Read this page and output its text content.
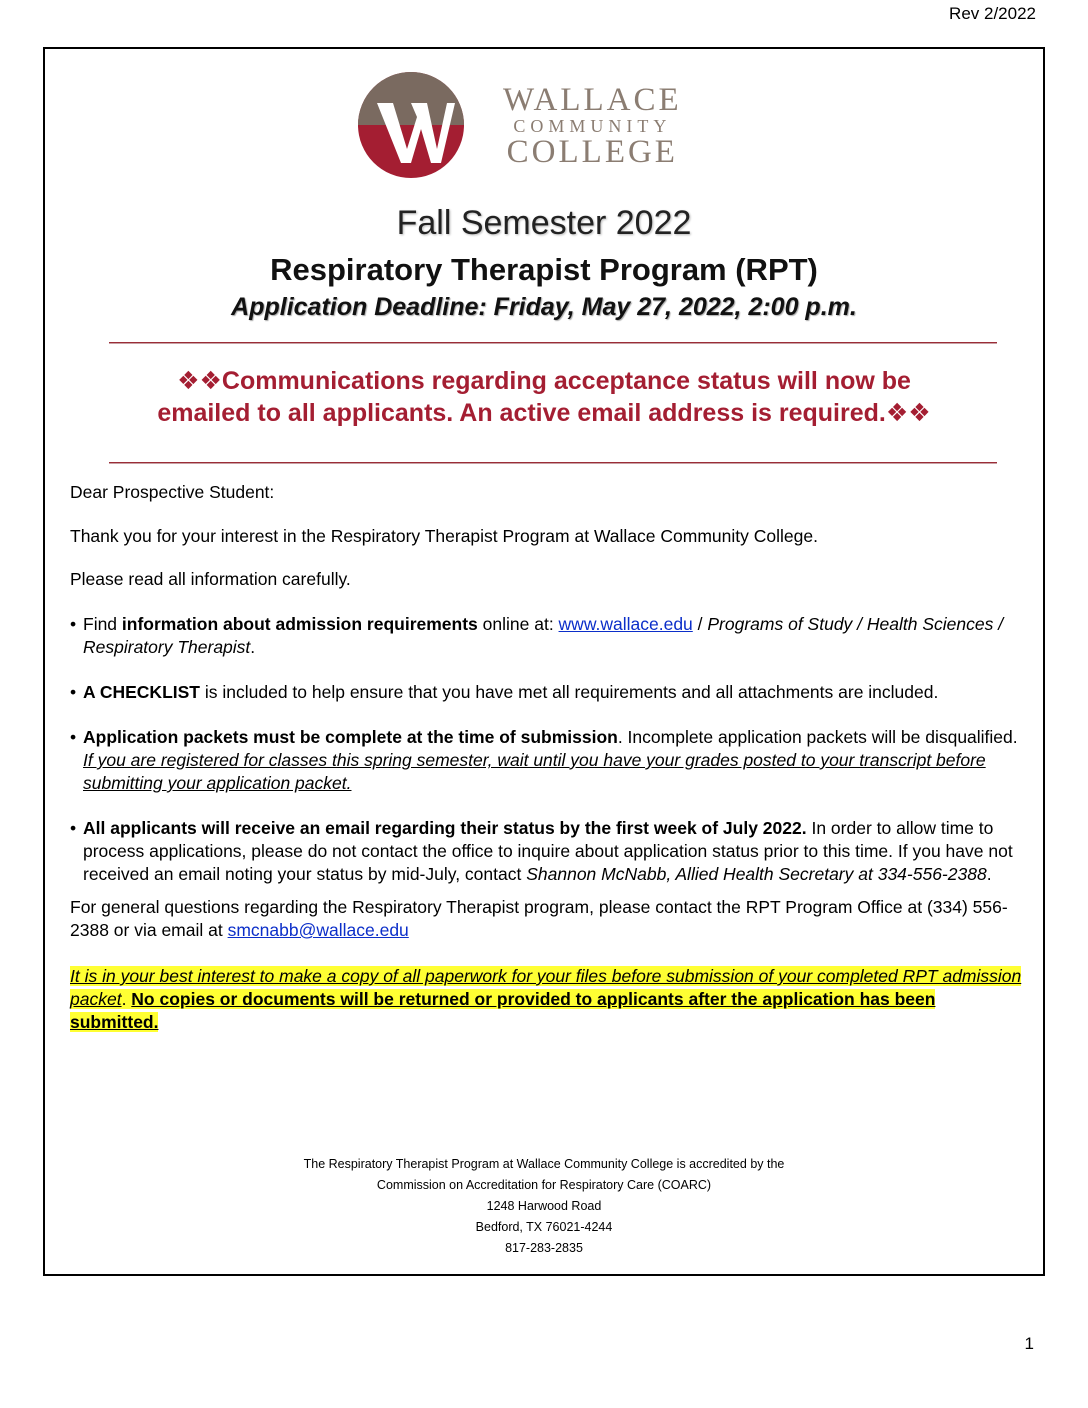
Rev 2/2022
WALLACE
COMMUNITY
COLLEGE
Fall Semester 2022
Respiratory Therapist Program (RPT)
Application Deadline: Friday, May 27, 2022, 2:00 p.m.
❖❖Communications regarding acceptance status will now be
emailed to all applicants. An active email address is required.❖❖

Dear Prospective Student:

Thank you for your interest in the Respiratory Therapist Program at Wallace Community College.

Please read all information carefully.

• Find information about admission requirements online at: www.wallace.edu / Programs of Study / Health Sciences / Respiratory Therapist.

• A CHECKLIST is included to help ensure that you have met all requirements and all attachments are included.

• Application packets must be complete at the time of submission. Incomplete application packets will be disqualified. If you are registered for classes this spring semester, wait until you have your grades posted to your transcript before submitting your application packet.

• All applicants will receive an email regarding their status by the first week of July 2022. In order to allow time to process applications, please do not contact the office to inquire about application status prior to this time. If you have not received an email noting your status by mid-July, contact Shannon McNabb, Allied Health Secretary at 334-556-2388.

For general questions regarding the Respiratory Therapist program, please contact the RPT Program Office at (334) 556-2388 or via email at smcnabb@wallace.edu

It is in your best interest to make a copy of all paperwork for your files before submission of your completed RPT admission packet. No copies or documents will be returned or provided to applicants after the application has been submitted.

The Respiratory Therapist Program at Wallace Community College is accredited by the
Commission on Accreditation for Respiratory Care (COARC)
1248 Harwood Road
Bedford, TX 76021-4244
817-283-2835
1
